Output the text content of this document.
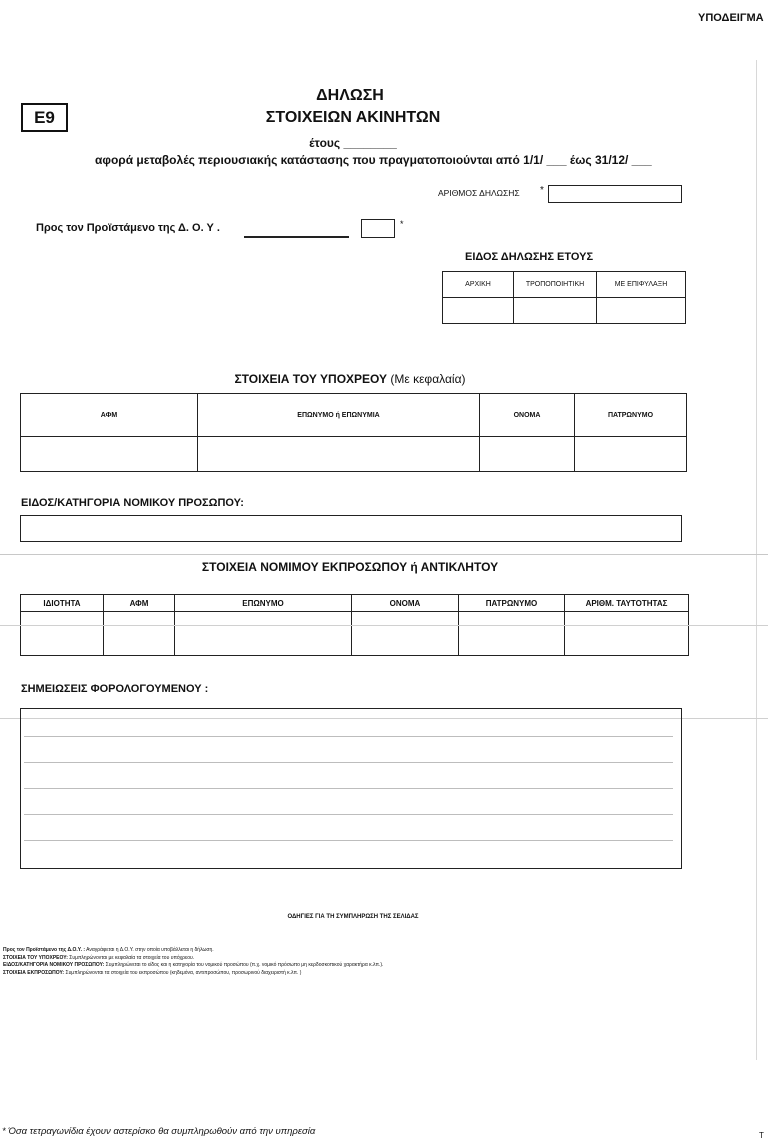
ΥΠΟΔΕΙΓΜΑ
Ε9
ΔΗΛΩΣΗ
ΣΤΟΙΧΕΙΩΝ ΑΚΙΝΗΤΩΝ
έτους ________
αφορά μεταβολές περιουσιακής κατάστασης που πραγματοποιούνται από 1/1/ ___ έως 31/12/ ___
ΑΡΙΘΜΟΣ ΔΗΛΩΣΗΣ *
Προς τον Προϊστάμενο της Δ. Ο. Υ .	*
ΕΙΔΟΣ ΔΗΛΩΣΗΣ ΕΤΟΥΣ
ΑΡΧΙΚΗ	ΤΡΟΠΟΠΟΙΗΤΙΚΗ	ΜΕ ΕΠΙΦΥΛΑΞΗ

ΣΤΟΙΧΕΙΑ ΤΟΥ ΥΠΟΧΡΕΟΥ (Με κεφαλαία)
ΑΦΜ	ΕΠΩΝΥΜΟ ή ΕΠΩΝΥΜΙΑ	ΟΝΟΜΑ	ΠΑΤΡΩΝΥΜΟ

ΕΙΔΟΣ/ΚΑΤΗΓΟΡΙΑ ΝΟΜΙΚΟΥ ΠΡΟΣΩΠΟΥ:
ΣΤΟΙΧΕΙΑ ΝΟΜΙΜΟΥ ΕΚΠΡΟΣΩΠΟΥ ή ΑΝΤΙΚΛΗΤΟΥ
ΙΔΙΟΤΗΤΑ	ΑΦΜ	ΕΠΩΝΥΜΟ	ΟΝΟΜΑ	ΠΑΤΡΩΝΥΜΟ	ΑΡΙΘΜ. ΤΑΥΤΟΤΗΤΑΣ

ΣΗΜΕΙΩΣΕΙΣ ΦΟΡΟΛΟΓΟΥΜΕΝΟΥ :
ΟΔΗΓΙΕΣ ΓΙΑ ΤΗ ΣΥΜΠΛΗΡΩΣΗ ΤΗΣ ΣΕΛΙΔΑΣ
Προς τον Προϊστάμενο της Δ.Ο.Υ. : Αναγράφεται η Δ.Ο.Υ. στην οποία υποβάλλεται η δήλωση.
ΣΤΟΙΧΕΙΑ ΤΟΥ ΥΠΟΧΡΕΟΥ: Συμπληρώνονται με κεφαλαία τα στοιχεία του υπόχρεου.
ΕΙΔΟΣ/ΚΑΤΗΓΟΡΙΑ ΝΟΜΙΚΟΥ ΠΡΟΣΩΠΟΥ: Συμπληρώνεται το είδος και η κατηγορία του νομικού προσώπου (π.χ. νομικό πρόσωπο μη κερδοσκοπικού χαρακτήρα κ.λπ.).
ΣΤΟΙΧΕΙΑ ΕΚΠΡΟΣΩΠΟΥ: Συμπληρώνονται τα στοιχεία του εκπροσώπου (κηδεμόνα, αντιπροσώπου, προσωρινού διαχειριστή κ.λπ. )
* Όσα τετραγωνίδια έχουν αστερίσκο θα συμπληρωθούν από την υπηρεσία	Τ
